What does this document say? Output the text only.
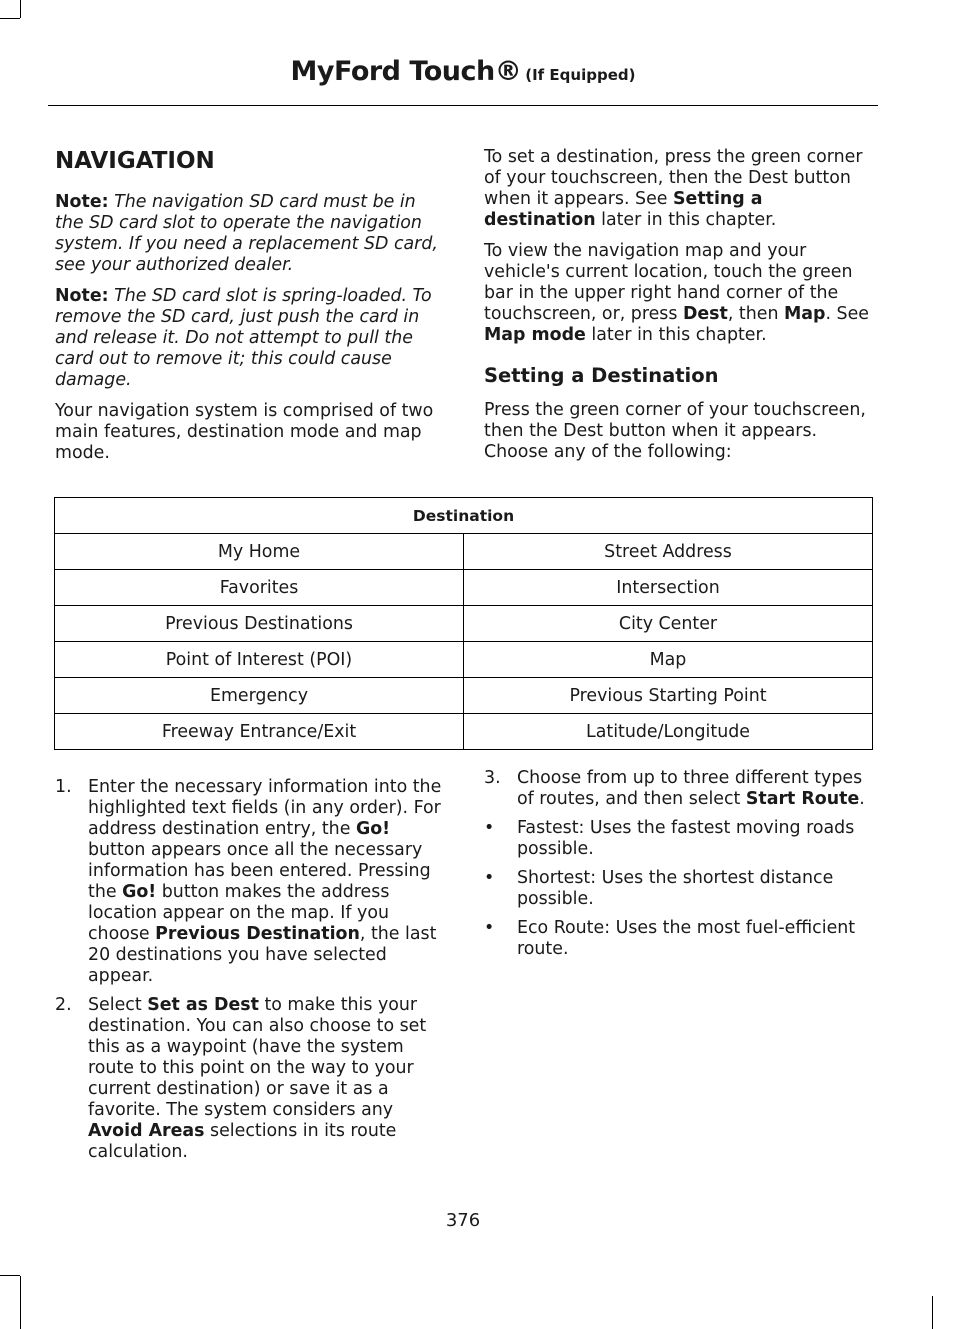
MyFord Touch® (If Equipped)
NAVIGATION

Note: The navigation SD card must be in the SD card slot to operate the navigation system. If you need a replacement SD card, see your authorized dealer.

Note: The SD card slot is spring-loaded. To remove the SD card, just push the card in and release it. Do not attempt to pull the card out to remove it; this could cause damage.

Your navigation system is comprised of two main features, destination mode and map mode.

To set a destination, press the green corner of your touchscreen, then the Dest button when it appears. See Setting a destination later in this chapter.

To view the navigation map and your vehicle's current location, touch the green bar in the upper right hand corner of the touchscreen, or, press Dest, then Map. See Map mode later in this chapter.

Setting a Destination

Press the green corner of your touchscreen, then the Dest button when it appears. Choose any of the following:

Destination	
My Home	Street Address
Favorites	Intersection
Previous Destinations	City Center
Point of Interest (POI)	Map
Emergency	Previous Starting Point
Freeway Entrance/Exit	Latitude/Longitude
1. Enter the necessary information into the highlighted text fields (in any order). For address destination entry, the Go! button appears once all the necessary information has been entered. Pressing the Go! button makes the address location appear on the map. If you choose Previous Destination, the last 20 destinations you have selected appear.
2. Select Set as Dest to make this your destination. You can also choose to set this as a waypoint (have the system route to this point on the way to your current destination) or save it as a favorite. The system considers any Avoid Areas selections in its route calculation.
3. Choose from up to three different types of routes, and then select Start Route.
• Fastest: Uses the fastest moving roads possible.
• Shortest: Uses the shortest distance possible.
• Eco Route: Uses the most fuel-efficient route.
376
